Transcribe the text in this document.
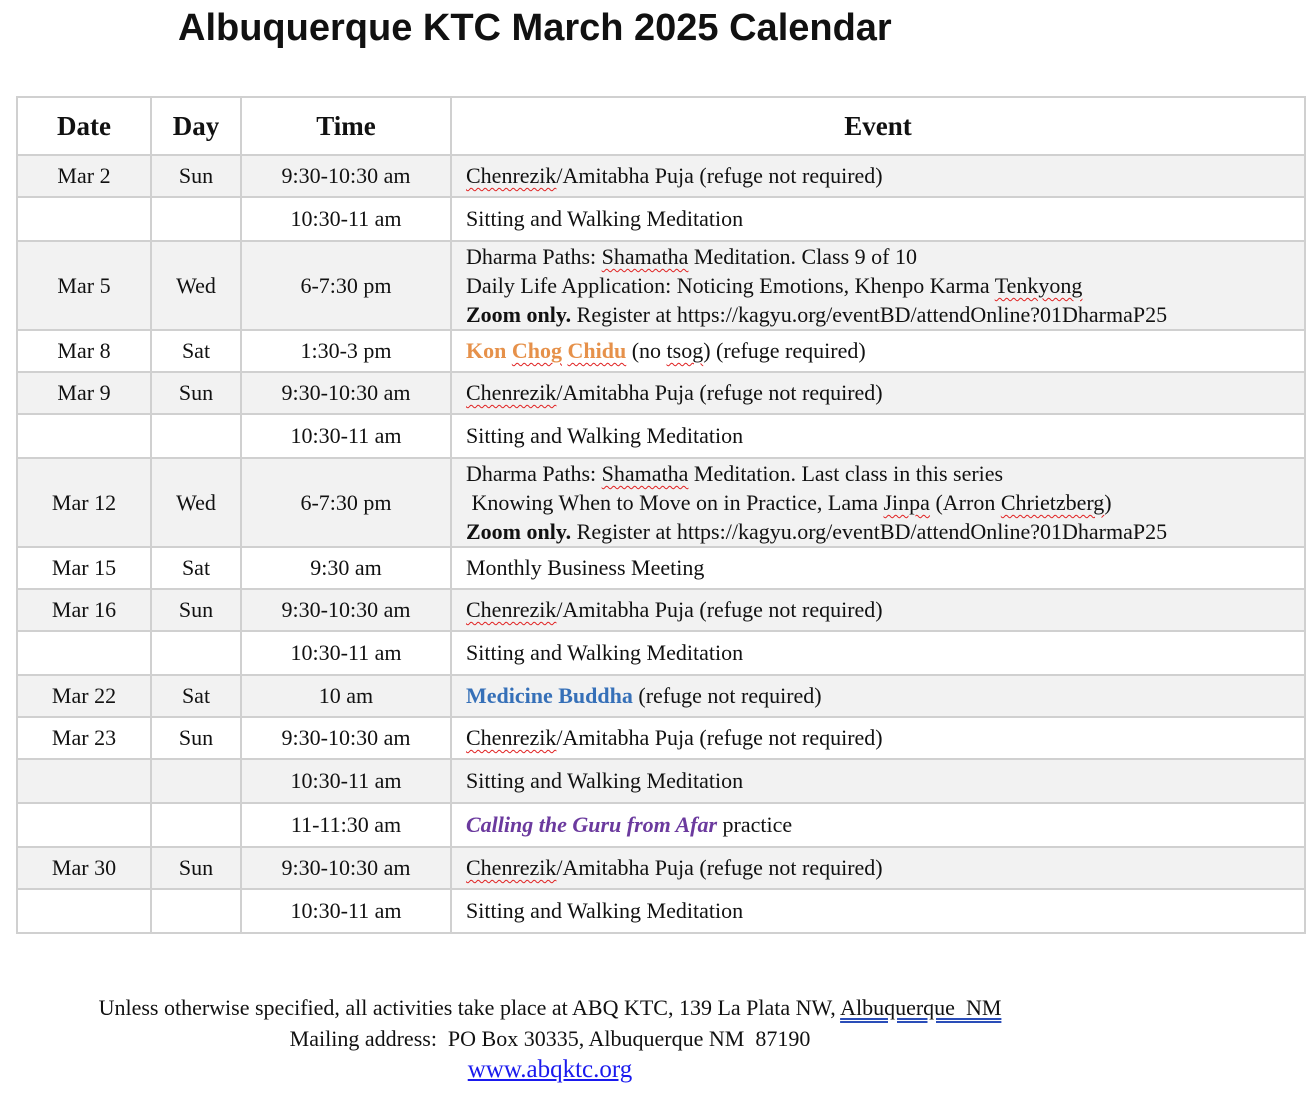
Albuquerque KTC March 2025 Calendar
Date	Day	Time	Event
Mar 2	Sun	9:30-10:30 am	Chenrezik/Amitabha Puja (refuge not required)
		10:30-11 am	Sitting and Walking Meditation
Mar 5	Wed	6-7:30 pm	Dharma Paths: Shamatha Meditation. Class 9 of 10
Daily Life Application: Noticing Emotions, Khenpo Karma Tenkyong
Zoom only. Register at https://kagyu.org/eventBD/attendOnline?01DharmaP25

Mar 8	Sat	1:30-3 pm	Kon Chog Chidu (no tsog) (refuge required)
Mar 9	Sun	9:30-10:30 am	Chenrezik/Amitabha Puja (refuge not required)
		10:30-11 am	Sitting and Walking Meditation
Mar 12	Wed	6-7:30 pm	Dharma Paths: Shamatha Meditation. Last class in this series
Knowing When to Move on in Practice, Lama Jinpa (Arron Chrietzberg)
Zoom only. Register at https://kagyu.org/eventBD/attendOnline?01DharmaP25

Mar 15	Sat	9:30 am	Monthly Business Meeting
Mar 16	Sun	9:30-10:30 am	Chenrezik/Amitabha Puja (refuge not required)
		10:30-11 am	Sitting and Walking Meditation
Mar 22	Sat	10 am	Medicine Buddha (refuge not required)
Mar 23	Sun	9:30-10:30 am	Chenrezik/Amitabha Puja (refuge not required)
		10:30-11 am	Sitting and Walking Meditation
		11-11:30 am	Calling the Guru from Afar practice
Mar 30	Sun	9:30-10:30 am	Chenrezik/Amitabha Puja (refuge not required)
		10:30-11 am	Sitting and Walking Meditation
Unless otherwise specified, all activities take place at ABQ KTC, 139 La Plata NW, Albuquerque  NM
Mailing address:  PO Box 30335, Albuquerque NM  87190
www.abqktc.org
